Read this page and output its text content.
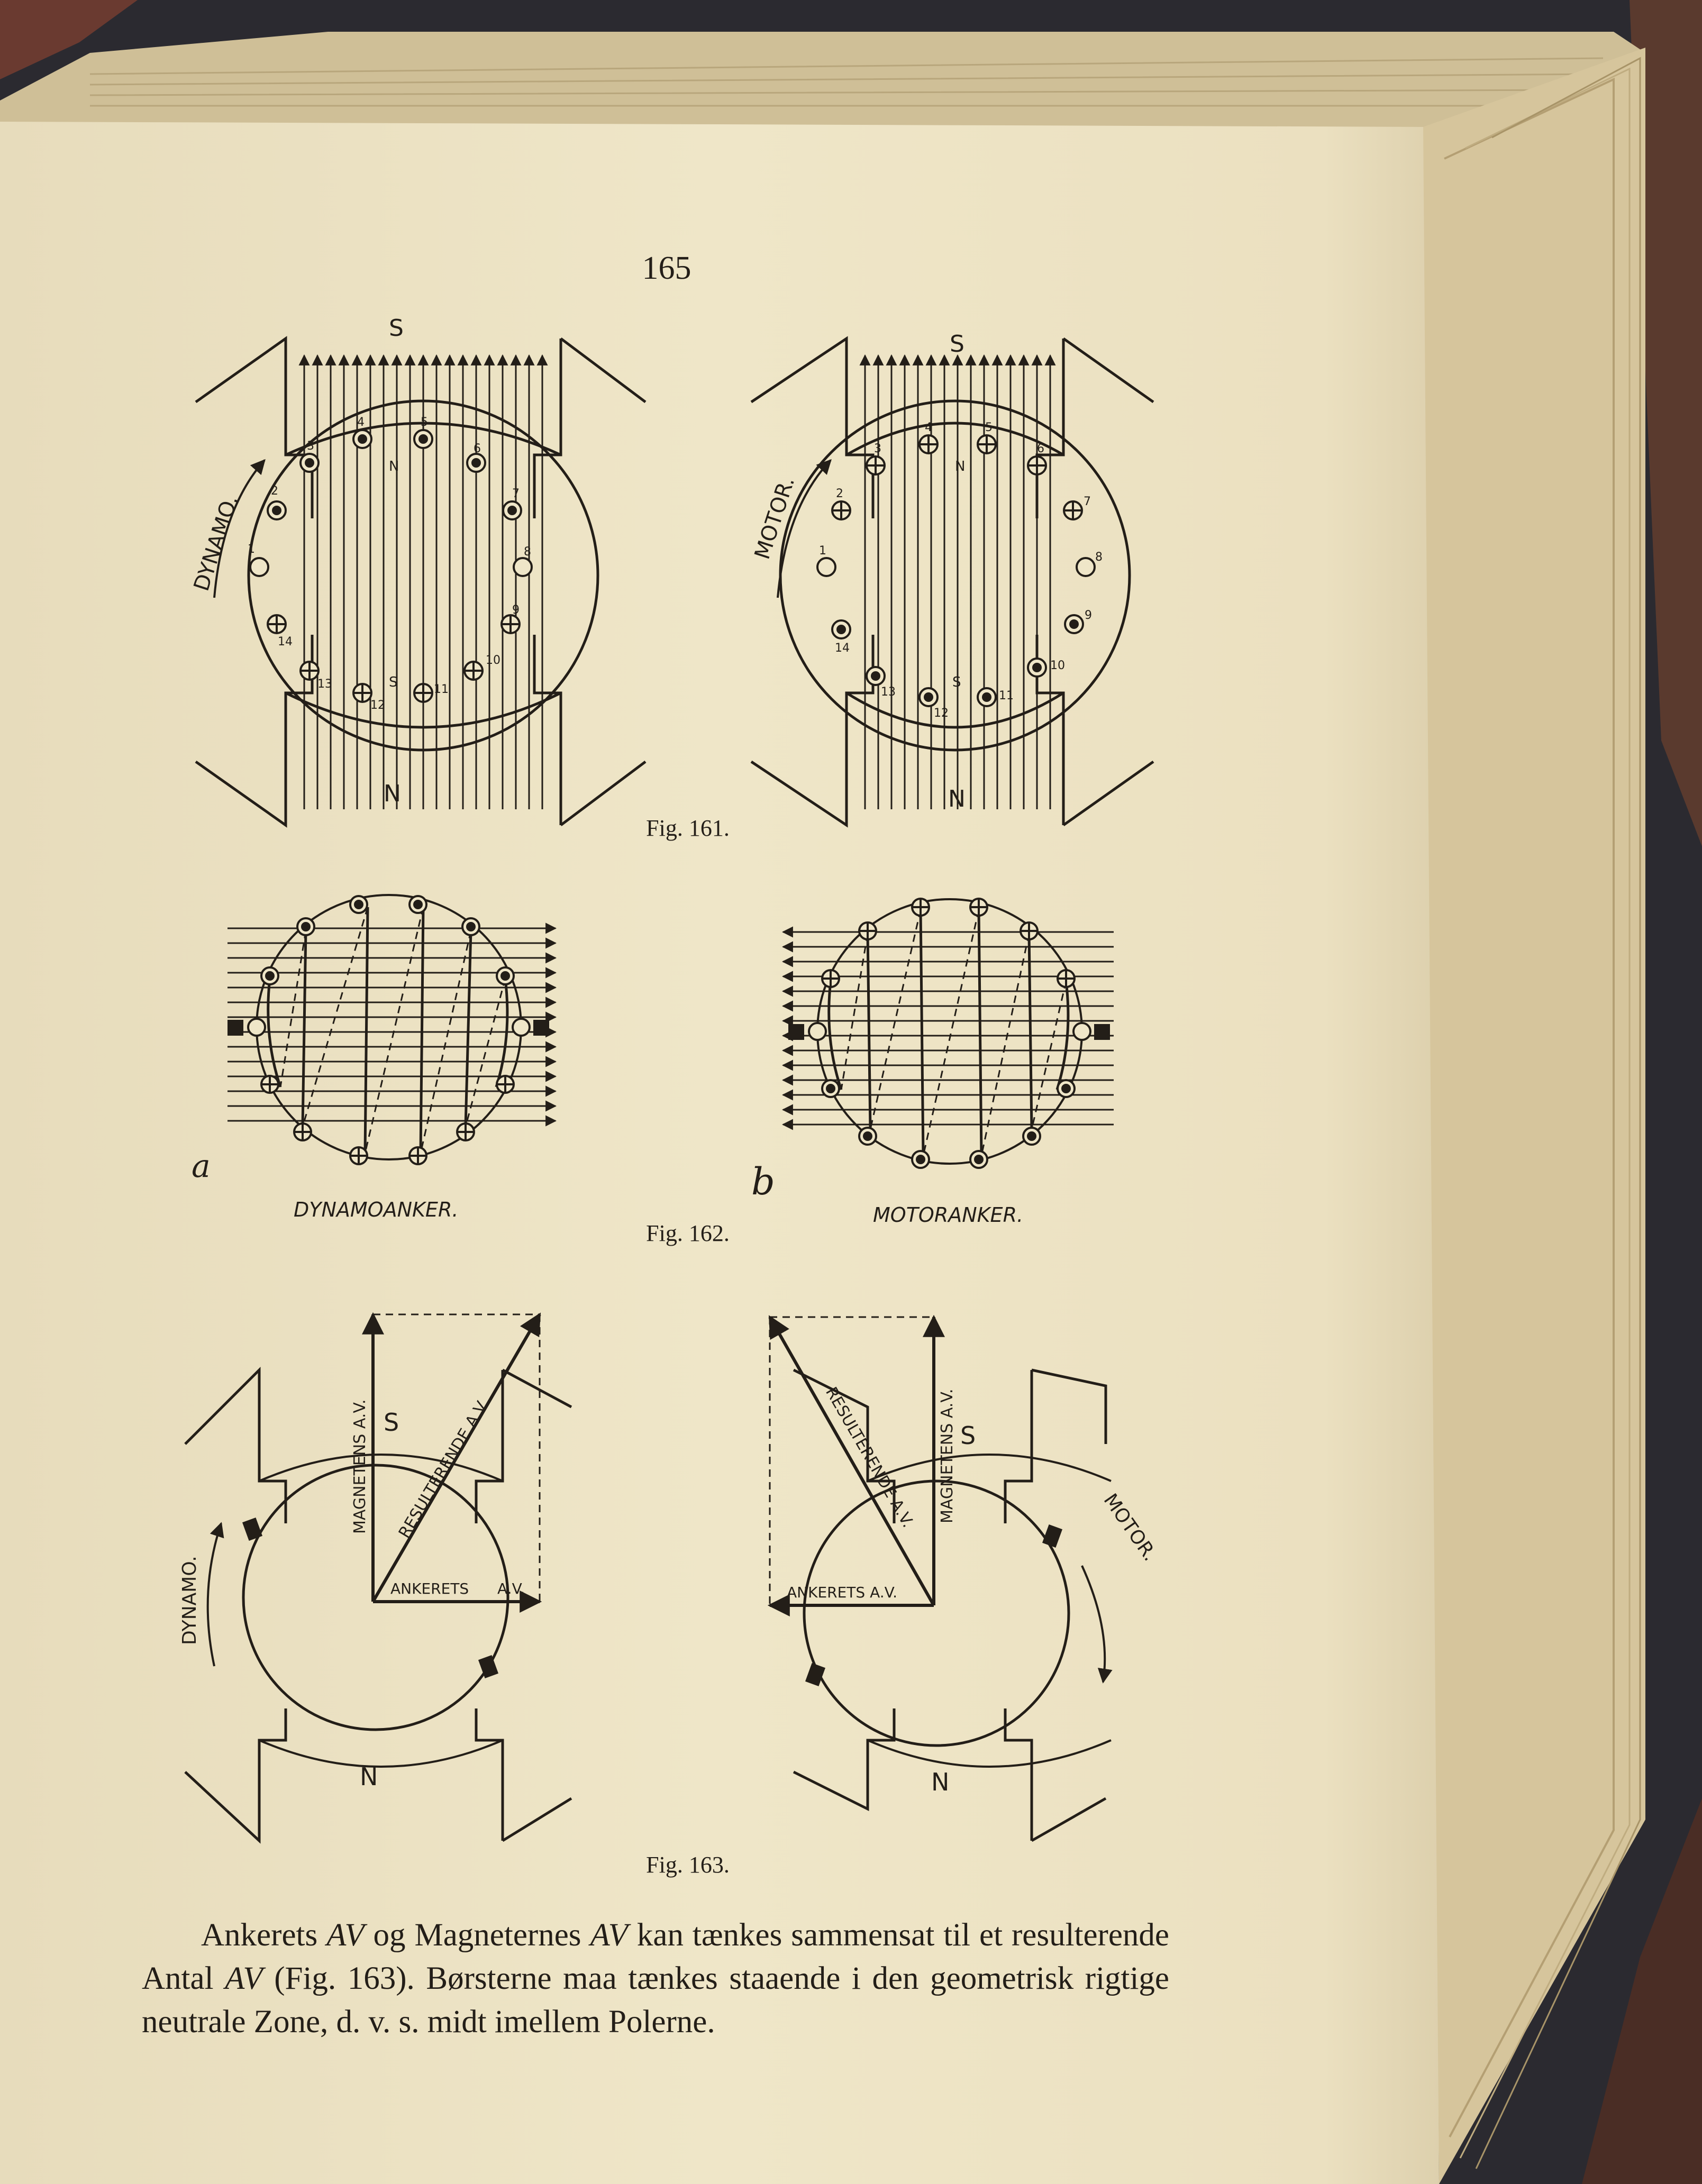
S
S
N	N
N	N
S	S
DYNAMO.	MOTOR.
1
2
3
4	5
6
7
8
9
10
11
12
13
14
1
2
3
4	5
6
7
8
9
10
11
12
13
14
a	b
DYNAMOANKER.	MOTORANKER.
S	S
N	N
DYNAMO.
MOTOR.
MAGNETENS A.V.	MAGNETENS A.V.
RESULTERENDE A.V.	RESULTERENDE A.V.
ANKERETS A.V.	ANKERETS A.V.
165
Fig. 161.
Fig. 162.
Fig. 163.

Ankerets AV og Magneternes AV kan tænkes sammensat til et resulterende Antal AV (Fig. 163). Børsterne maa tænkes staaende i den geometrisk rigtige neutrale Zone, d. v. s. midt imellem Polerne.
